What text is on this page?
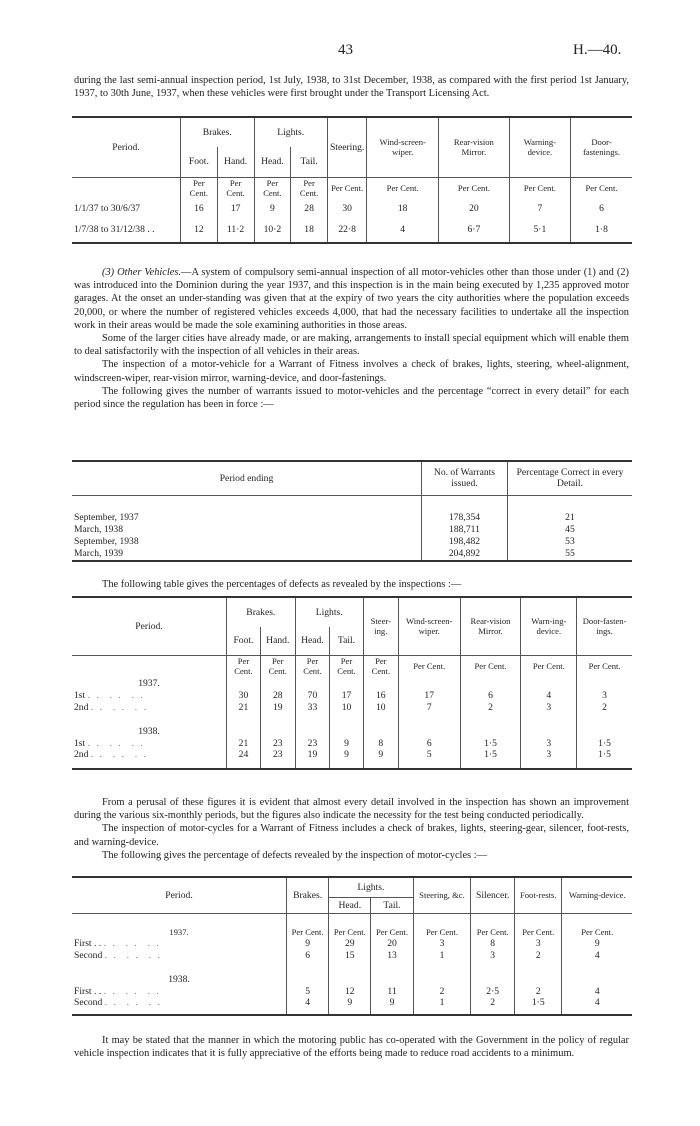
43	H.—40.

during the last semi-annual inspection period, 1st July, 1938, to 31st December, 1938, as compared with the first period 1st January, 1937, to 30th June, 1937, when these vehicles were first brought under the Transport Licensing Act.

Period.	Brakes.		Lights.		Steering.	Wind-screen-wiper.	Rear-vision Mirror.	Warning-device.	Door-fastenings.
	Foot.	Hand.	Head.	Tail.					
	Per Cent.	Per Cent.	Per Cent.	Per Cent.	Per Cent.	Per Cent.	Per Cent.	Per Cent.	Per Cent.
1/1/37 to 30/6/37	16	17	9	28	30	18	20	7	6
1/7/38 to 31/12/38 . .	12	11·2	10·2	18	22·8	4	6·7	5·1	1·8

(3) Other Vehicles.—A system of compulsory semi-annual inspection of all motor-vehicles other than those under (1) and (2) was introduced into the Dominion during the year 1937, and this inspection is in the main being executed by 1,235 approved motor garages. At the onset an under-standing was given that at the expiry of two years the city authorities where the population exceeds 20,000, or where the number of registered vehicles exceeds 4,000, that had the necessary facilities to undertake all the inspection work in their areas would be made the sole examining authorities in those areas.

Some of the larger cities have already made, or are making, arrangements to install special equipment which will enable them to deal satisfactorily with the inspection of all vehicles in their areas.

The inspection of a motor-vehicle for a Warrant of Fitness involves a check of brakes, lights, steering, wheel-alignment, windscreen-wiper, rear-vision mirror, warning-device, and door-fastenings.

The following gives the number of warrants issued to motor-vehicles and the percentage “correct in every detail” for each period since the regulation has been in force :—

Period ending	No. of Warrants issued.	Percentage Correct in every Detail.

September, 1937	178,354	21
March, 1938	188,711	45
September, 1938	198,482	53
March, 1939	204,892	55

The following table gives the percentages of defects as revealed by the inspections :—

Period.	Brakes.		Lights.		Steer-ing.	Wind-screen-wiper.	Rear-vision Mirror.	Warn-ing-device.	Door-fasten-ings.
	Foot.	Hand.	Head.	Tail.					
	Per Cent.	Per Cent.	Per Cent.	Per Cent.	Per Cent.	Per Cent.	Per Cent.	Per Cent.	Per Cent.
1937.									
1st . .  . .  . .	30	28	70	17	16	17	6	4	3
2nd . .  . .  . .	21	19	33	10	10	7	2	3	2
1938.									
1st . .  . .  . .	21	23	23	9	8	6	1·5	3	1·5
2nd . .  . .  . .	24	23	19	9	9	5	1·5	3	1·5

From a perusal of these figures it is evident that almost every detail involved in the inspection has shown an improvement during the various six-monthly periods, but the figures also indicate the necessity for the test being conducted periodically.

The inspection of motor-cycles for a Warrant of Fitness includes a check of brakes, lights, steering-gear, silencer, foot-rests, and warning-device.

The following gives the percentage of defects revealed by the inspection of motor-cycles :—

Period.	Brakes.	Lights.		Steering, &c.	Silencer.	Foot-rests.	Warning-device.
		Head.	Tail.				
1937.	Per Cent.	Per Cent.	Per Cent.	Per Cent.	Per Cent.	Per Cent.	Per Cent.
First . . . .  . .  . .	9	29	20	3	8	3	9
Second . .  . .  . .	6	15	13	1	3	2	4
1938.							
First . . . .  . .  . .	5	12	11	2	2·5	2	4
Second . .  . .  . .	4	9	9	1	2	1·5	4

It may be stated that the manner in which the motoring public has co-operated with the Government in the policy of regular vehicle inspection indicates that it is fully appreciative of the efforts being made to reduce road accidents to a minimum.
